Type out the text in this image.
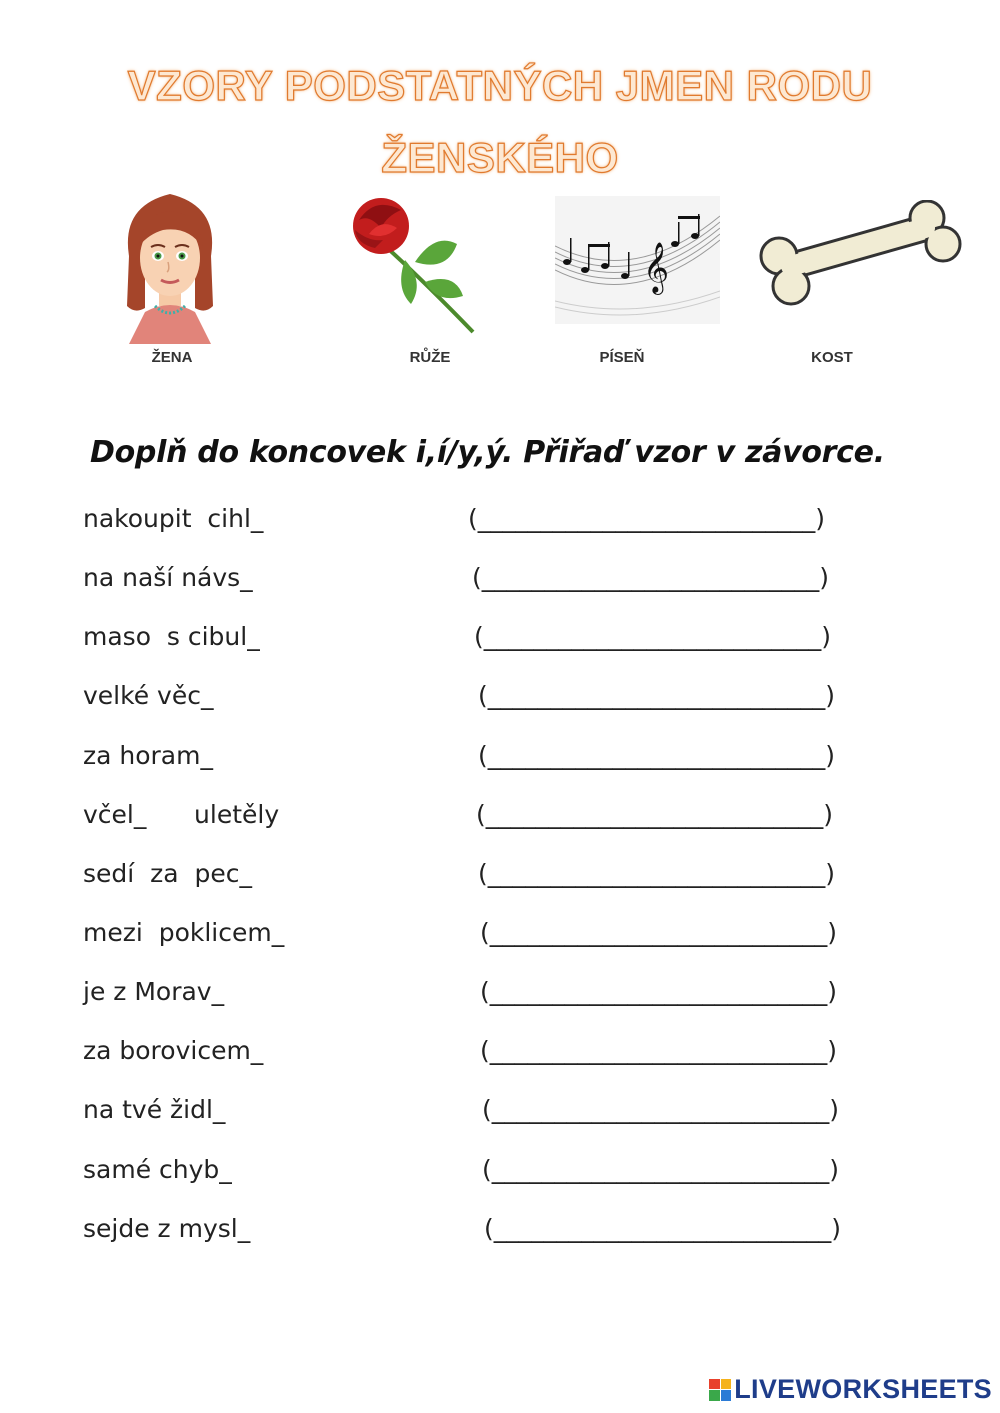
VZORY PODSTATNÝCH JMEN RODU
ŽENSKÉHO
ŽENA	RŮŽE
𝄞
PÍSEŇ	KOST
Doplň do koncovek i,í/y,ý. Přiřaď vzor v závorce.
nakoupit  cihl_	(___________________________)
na naší návs_	(___________________________)
maso  s cibul_	(___________________________)
velké věc_	(___________________________)
za horam_	(___________________________)
včel_      uletěly	(___________________________)
sedí  za  pec_	(___________________________)
mezi  poklicem_	(___________________________)
je z Morav_	(___________________________)
za borovicem_	(___________________________)
na tvé židl_	(___________________________)
samé chyb_	(___________________________)
sejde z mysl_	(___________________________)
LIVEWORKSHEETS
